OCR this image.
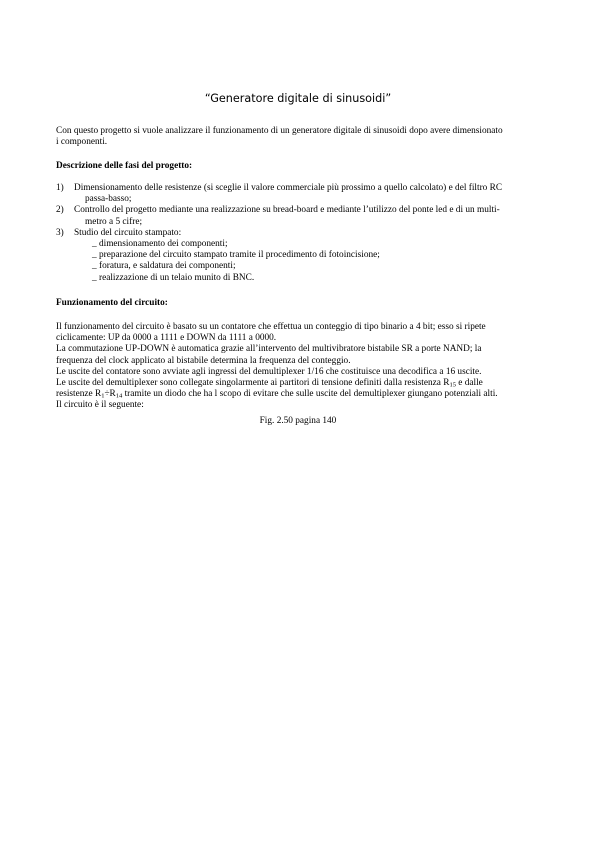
“Generatore digitale di sinusoidi”
Con questo progetto si vuole analizzare il funzionamento di un generatore digitale di sinusoidi dopo avere dimensionato
i componenti.
Descrizione delle fasi del progetto:
1) Dimensionamento delle resistenze (si sceglie il valore commerciale più prossimo a quello calcolato) e del filtro RC
passa-basso;
2) Controllo del progetto mediante una realizzazione su bread-board e mediante l’utilizzo del ponte led e di un multi-
metro a 5 cifre;
3) Studio del circuito stampato:
_ dimensionamento dei componenti;
_ preparazione del circuito stampato tramite il procedimento di fotoincisione;
_ foratura, e saldatura dei componenti;
_ realizzazione di un telaio munito di BNC.
Funzionamento del circuito:
Il funzionamento del circuito è basato su un contatore che effettua un conteggio di tipo binario a 4 bit; esso si ripete
ciclicamente: UP da 0000 a 1111 e DOWN da 1111 a 0000.
La commutazione UP-DOWN è automatica grazie all’intervento del multivibratore bistabile SR a porte NAND; la
frequenza del clock applicato al bistabile determina la frequenza del conteggio.
Le uscite del contatore sono avviate agli ingressi del demultiplexer 1/16 che costituisce una decodifica a 16 uscite.
Le uscite del demultiplexer sono collegate singolarmente ai partitori di tensione definiti dalla resistenza $R_{15}$ e dalle
resistenze $R_1\div R_{14}$ tramite un diodo che ha l scopo di evitare che sulle uscite del demultiplexer giungano potenziali alti.
Il circuito è il seguente:
Fig. 2.50 pagina 140
